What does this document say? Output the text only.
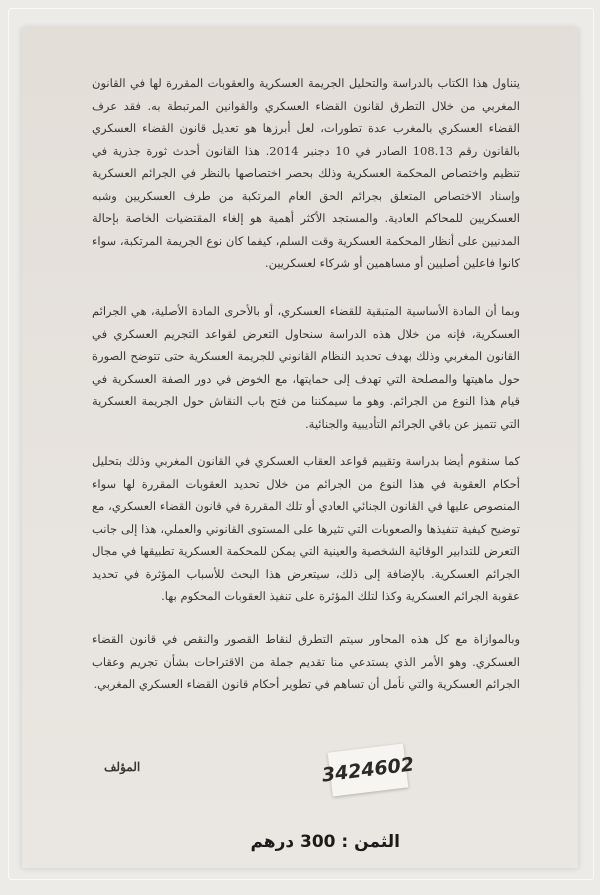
يتناول هذا الكتاب بالدراسة والتحليل الجريمة العسكرية والعقوبات المقررة لها في القانون المغربي من خلال التطرق لقانون القضاء العسكري والقوانين المرتبطة به. فقد عرف القضاء العسكري بالمغرب عدة تطورات، لعل أبرزها هو تعديل قانون القضاء العسكري بالقانون رقم 108.13 الصادر في 10 دجنبر 2014. هذا القانون أحدث ثورة جذرية في تنظيم واختصاص المحكمة العسكرية وذلك بحصر اختصاصها بالنظر في الجرائم العسكرية وإسناد الاختصاص المتعلق بجرائم الحق العام المرتكبة من طرف العسكريين وشبه العسكريين للمحاكم العادية. والمستجد الأكثر أهمية هو إلغاء المقتضيات الخاصة بإحالة المدنيين على أنظار المحكمة العسكرية وقت السلم، كيفما كان نوع الجريمة المرتكبة، سواء كانوا فاعلين أصليين أو مساهمين أو شركاء لعسكريين.

وبما أن المادة الأساسية المتبقية للقضاء العسكري، أو بالأحرى المادة الأصلية، هي الجرائم العسكرية، فإنه من خلال هذه الدراسة سنحاول التعرض لقواعد التجريم العسكري في القانون المغربي وذلك بهدف تحديد النظام القانوني للجريمة العسكرية حتى تتوضح الصورة حول ماهيتها والمصلحة التي تهدف إلى حمايتها، مع الخوض في دور الصفة العسكرية في قيام هذا النوع من الجرائم. وهو ما سيمكننا من فتح باب النقاش حول الجريمة العسكرية التي تتميز عن باقي الجرائم التأديبية والجنائية.

كما سنقوم أيضا بدراسة وتقييم قواعد العقاب العسكري في القانون المغربي وذلك بتحليل أحكام العقوبة في هذا النوع من الجرائم من خلال تحديد العقوبات المقررة لها سواء المنصوص عليها في القانون الجنائي العادي أو تلك المقررة في قانون القضاء العسكري، مع توضيح كيفية تنفيذها والصعوبات التي تثيرها على المستوى القانوني والعملي، هذا إلى جانب التعرض للتدابير الوقائية الشخصية والعينية التي يمكن للمحكمة العسكرية تطبيقها في مجال الجرائم العسكرية. بالإضافة إلى ذلك، سيتعرض هذا البحث للأسباب المؤثرة في تحديد عقوبة الجرائم العسكرية وكذا لتلك المؤثرة على تنفيذ العقوبات المحكوم بها.

وبالموازاة مع كل هذه المحاور سيتم التطرق لنقاط القصور والنقص في قانون القضاء العسكري. وهو الأمر الذي يستدعي منا تقديم جملة من الاقتراحات بشأن تجريم وعقاب الجرائم العسكرية والتي نأمل أن تساهم في تطوير أحكام قانون القضاء العسكري المغربي.

المؤلف	3424602
الثمن : 300 درهم
